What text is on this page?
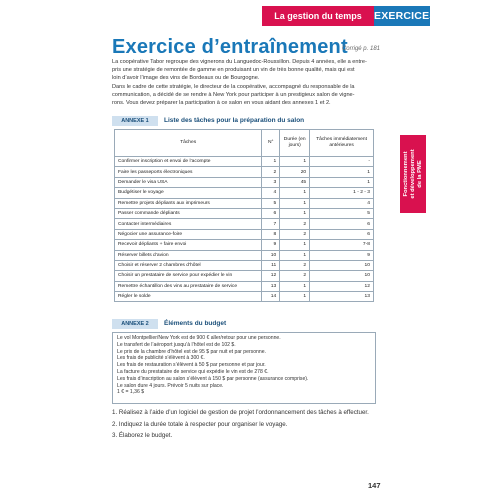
La gestion du temps	EXERCICES
Exercice d’entraînement
Corrigé p. 181

La coopérative Tabor regroupe des vignerons du Languedoc-Roussillon. Depuis 4 années, elle a entre-

pris une stratégie de remontée de gamme en produisant un vin de très bonne qualité, mais qui est

loin d’avoir l’image des vins de Bordeaux ou de Bourgogne.

Dans le cadre de cette stratégie, le directeur de la coopérative, accompagné du responsable de la

communication, a décidé de se rendre à New York pour participer à un prestigieux salon de vigne-

rons. Vous devez préparer la participation à ce salon en vous aidant des annexes 1 et 2.

ANNEXE 1	Liste des tâches pour la préparation du salon
Tâches	N°	Durée (en jours)	Tâches immédiatement antérieures
Confirmer inscription et envoi de l’acompte	1	1	-
Faire les passeports électroniques	2	20	1
Demander le visa USA	3	45	1
Budgétiser le voyage	4	1	1 - 2 - 3
Remettre projets dépliants aux imprimeurs	5	1	4
Passer commande dépliants	6	1	5
Contacter intermédiaires	7	2	6
Négocier une assurance-foire	8	2	6
Recevoir dépliants + faire envoi	9	1	7-8
Réserver billets d’avion	10	1	9
Choisir et réserver 2 chambres d’hôtel	11	2	10
Choisir un prestataire de service pour expédier le vin	12	2	10
Remettre échantillon des vins au prestataire de service	13	1	12
Régler le solde	14	1	13
ANNEXE 2	Éléments du budget
Le vol Montpellier/New York est de 900 € aller/retour pour une personne.
Le transfert de l’aéroport jusqu’à l’hôtel est de 102 $.
Le prix de la chambre d’hôtel est de 95 $ par nuit et par personne.
Les frais de publicité s’élèvent à 300 €.
Les frais de restauration s’élèvent à 50 $ par personne et par jour.
La facture du prestataire de service qui expédie le vin est de 278 €.
Les frais d’inscription au salon s’élèvent à 150 $ par personne (assurance comprise).
Le salon dure 4 jours. Prévoir 5 nuits sur place.
1 € = 1,36 $
1. Réalisez à l’aide d’un logiciel de gestion de projet l’ordonnancement des tâches à effectuer.
2. Indiquez la durée totale à respecter pour organiser le voyage.
3. Élaborez le budget.
Fonctionnement et développement de la PME
147
